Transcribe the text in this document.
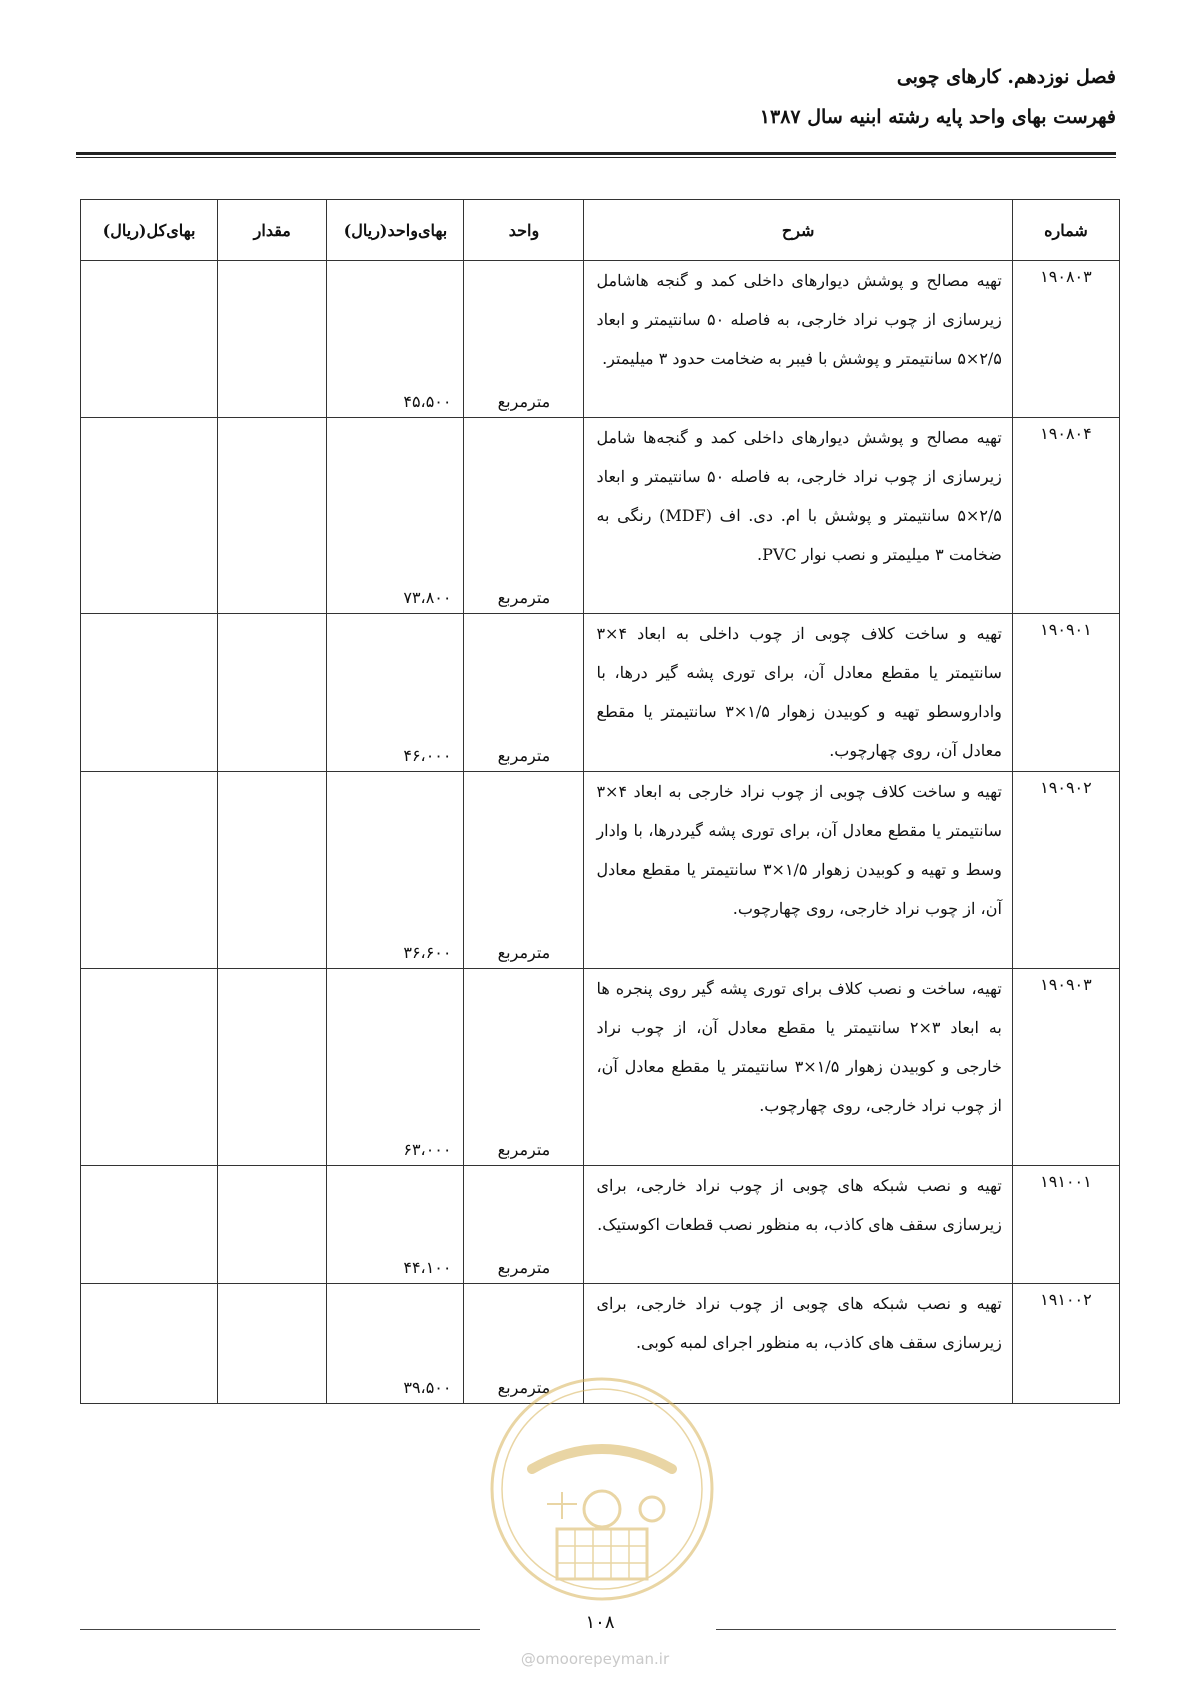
فصل نوزدهم. کارهای چوبی
فهرست بهای واحد پایه رشته ابنیه سال ۱۳۸۷
شماره	شرح	واحد	بهای‌واحد(ریال)	مقدار	بهای‌کل(ریال)
۱۹۰۸۰۳	تهیه مصالح و پوشش دیوارهای داخلی کمد و گنجه هاشامل زیرسازی از چوب نراد خارجی، به فاصله ۵۰ سانتیمتر و ابعاد ۲/۵×۵ سانتیمتر و پوشش با فیبر به ضخامت حدود ۳ میلیمتر.	مترمربع	۴۵،۵۰۰		
۱۹۰۸۰۴	تهیه مصالح و پوشش دیوارهای داخلی کمد و گنجه‌ها شامل زیرسازی از چوب نراد خارجی، به فاصله ۵۰ سانتیمتر و ابعاد ۲/۵×۵ سانتیمتر و پوشش با ام. دی. اف (MDF) رنگی به ضخامت ۳ میلیمتر و نصب نوار PVC.	مترمربع	۷۳،۸۰۰		
۱۹۰۹۰۱	تهیه و ساخت کلاف چوبی از چوب داخلی به ابعاد ۴×۳ سانتیمتر یا مقطع معادل آن، برای توری پشه گیر درها، با واداروسطو تهیه و کوبیدن زهوار ۱/۵×۳ سانتیمتر یا مقطع معادل آن، روی چهارچوب.	مترمربع	۴۶،۰۰۰		
۱۹۰۹۰۲	تهیه و ساخت کلاف چوبی از چوب نراد خارجی به ابعاد ۴×۳ سانتیمتر یا مقطع معادل آن، برای توری پشه گیردرها، با وادار وسط و تهیه و کوبیدن زهوار ۱/۵×۳ سانتیمتر یا مقطع معادل آن، از چوب نراد خارجی، روی چهارچوب.	مترمربع	۳۶،۶۰۰		
۱۹۰۹۰۳	تهیه، ساخت و نصب کلاف برای توری پشه گیر روی پنجره ها به ابعاد ۳×۲ سانتیمتر یا مقطع معادل آن، از چوب نراد خارجی و کوبیدن زهوار ۱/۵×۳ سانتیمتر یا مقطع معادل آن، از چوب نراد خارجی، روی چهارچوب.	مترمربع	۶۳،۰۰۰		
۱۹۱۰۰۱	تهیه و نصب شبکه های چوبی از چوب نراد خارجی، برای زیرسازی سقف های کاذب، به منظور نصب قطعات اکوستیک.	مترمربع	۴۴،۱۰۰		
۱۹۱۰۰۲	تهیه و نصب شبکه های چوبی از چوب نراد خارجی، برای زیرسازی سقف های کاذب، به منظور اجرای لمبه کوبی.	مترمربع	۳۹،۵۰۰		
۱۰۸
@omoorepeyman.ir
